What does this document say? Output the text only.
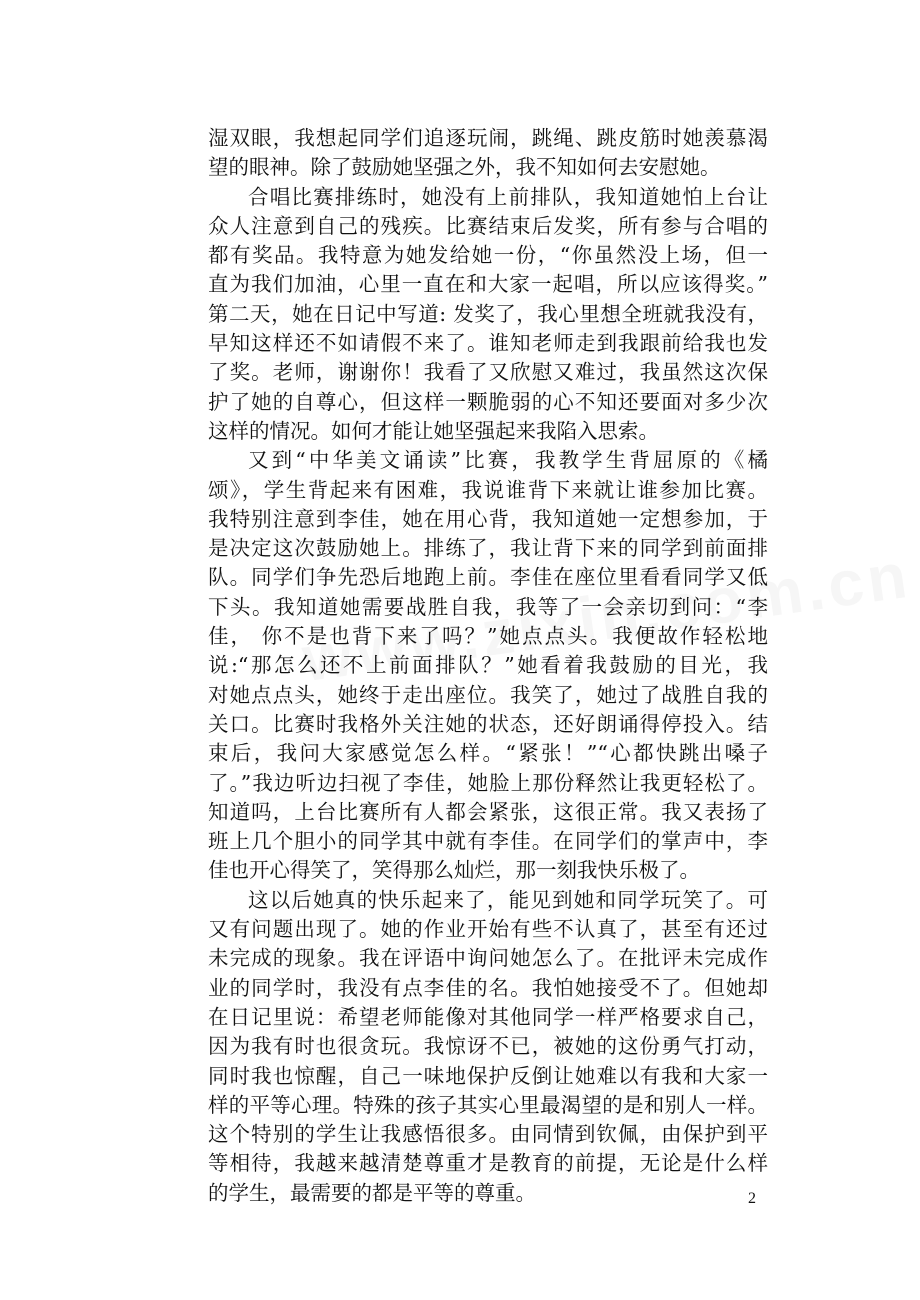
湿双眼，我想起同学们追逐玩闹，跳绳、跳皮筋时她羡慕渴
望的眼神。除了鼓励她坚强之外，我不知如何去安慰她。
合唱比赛排练时，她没有上前排队，我知道她怕上台让
众人注意到自己的残疾。比赛结束后发奖，所有参与合唱的
都有奖品。我特意为她发给她一份，“你虽然没上场，但一
直为我们加油，心里一直在和大家一起唱，所以应该得奖。”
第二天，她在日记中写道: 发奖了，我心里想全班就我没有，
早知这样还不如请假不来了。谁知老师走到我跟前给我也发
了奖。老师，谢谢你！我看了又欣慰又难过，我虽然这次保
护了她的自尊心，但这样一颗脆弱的心不知还要面对多少次
这样的情况。如何才能让她坚强起来我陷入思索。
又到“中华美文诵读”比赛，我教学生背屈原的《橘
颂》，学生背起来有困难，我说谁背下来就让谁参加比赛。
我特别注意到李佳，她在用心背，我知道她一定想参加，于
是决定这次鼓励她上。排练了，我让背下来的同学到前面排
队。同学们争先恐后地跑上前。李佳在座位里看看同学又低
下头。我知道她需要战胜自我，我等了一会亲切到问：“李
佳， 你不是也背下来了吗？”她点点头。我便故作轻松地
说:“那怎么还不上前面排队？”她看着我鼓励的目光，我
对她点点头，她终于走出座位。我笑了，她过了战胜自我的
关口。比赛时我格外关注她的状态，还好朗诵得停投入。结
束后，我问大家感觉怎么样。“紧张！”“心都快跳出嗓子
了。”我边听边扫视了李佳，她脸上那份释然让我更轻松了。
知道吗，上台比赛所有人都会紧张，这很正常。我又表扬了
班上几个胆小的同学其中就有李佳。在同学们的掌声中，李
佳也开心得笑了，笑得那么灿烂，那一刻我快乐极了。
这以后她真的快乐起来了，能见到她和同学玩笑了。可
又有问题出现了。她的作业开始有些不认真了，甚至有还过
未完成的现象。我在评语中询问她怎么了。在批评未完成作
业的同学时，我没有点李佳的名。我怕她接受不了。但她却
在日记里说：希望老师能像对其他同学一样严格要求自己，
因为我有时也很贪玩。我惊讶不已，被她的这份勇气打动，
同时我也惊醒，自己一味地保护反倒让她难以有我和大家一
样的平等心理。特殊的孩子其实心里最渴望的是和别人一样。
这个特别的学生让我感悟很多。由同情到钦佩，由保护到平
等相待，我越来越清楚尊重才是教育的前提，无论是什么样
的学生，最需要的都是平等的尊重。	2
